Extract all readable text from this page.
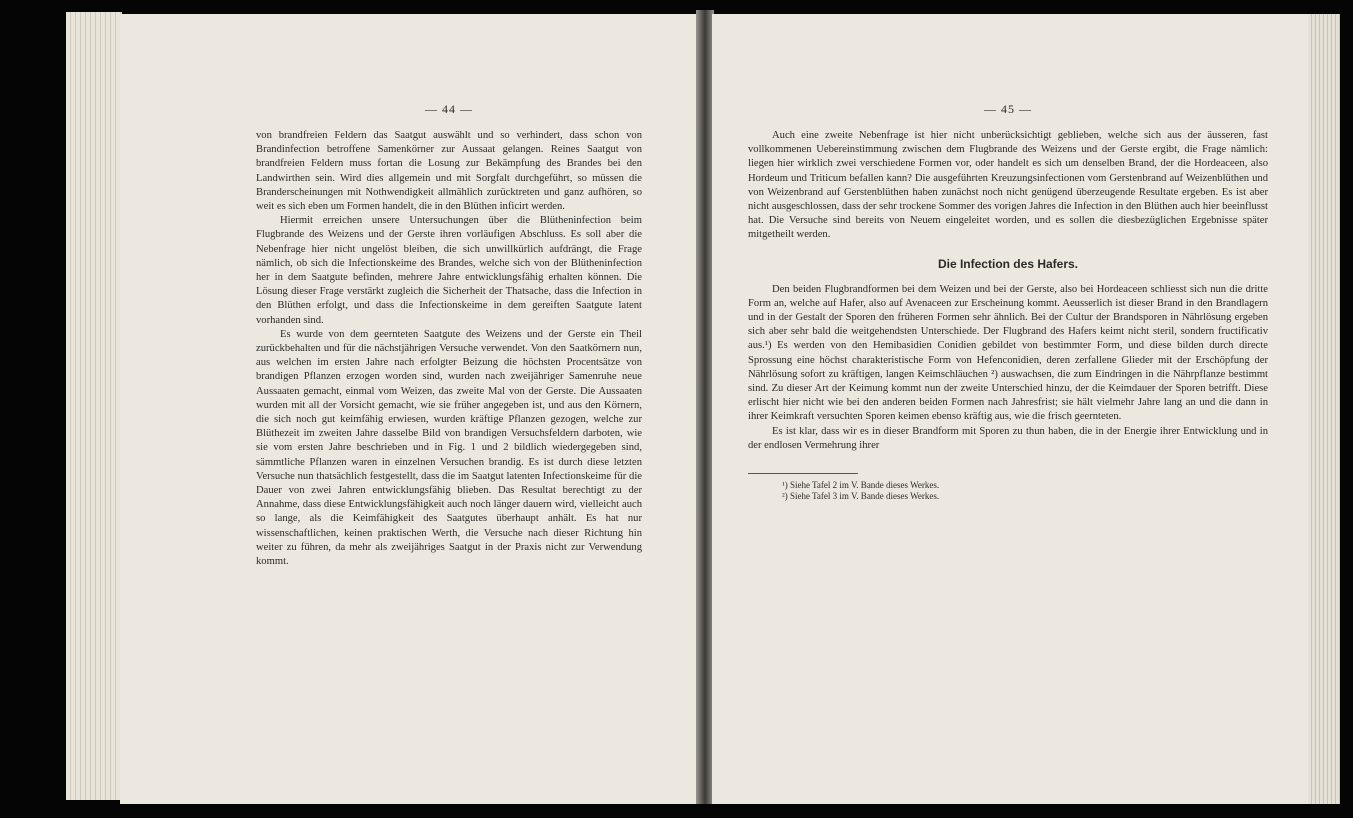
— 44 —

von brandfreien Feldern das Saatgut auswählt und so verhindert, dass schon von Brandinfection betroffene Samenkörner zur Aussaat gelangen. Reines Saatgut von brandfreien Feldern muss fortan die Losung zur Bekämpfung des Brandes bei den Landwirthen sein. Wird dies allgemein und mit Sorgfalt durchgeführt, so müssen die Branderscheinungen mit Nothwendigkeit allmählich zurücktreten und ganz aufhören, so weit es sich eben um Formen handelt, die in den Blüthen inficirt werden.

Hiermit erreichen unsere Untersuchungen über die Blütheninfection beim Flugbrande des Weizens und der Gerste ihren vorläufigen Abschluss. Es soll aber die Nebenfrage hier nicht ungelöst bleiben, die sich unwillkürlich aufdrängt, die Frage nämlich, ob sich die Infectionskeime des Brandes, welche sich von der Blütheninfection her in dem Saatgute befinden, mehrere Jahre entwicklungsfähig erhalten können. Die Lösung dieser Frage verstärkt zugleich die Sicherheit der Thatsache, dass die Infection in den Blüthen erfolgt, und dass die Infectionskeime in dem gereiften Saatgute latent vorhanden sind.

Es wurde von dem geernteten Saatgute des Weizens und der Gerste ein Theil zurückbehalten und für die nächstjährigen Versuche verwendet. Von den Saatkörnern nun, aus welchen im ersten Jahre nach erfolgter Beizung die höchsten Procentsätze von brandigen Pflanzen erzogen worden sind, wurden nach zweijähriger Samenruhe neue Aussaaten gemacht, einmal vom Weizen, das zweite Mal von der Gerste. Die Aussaaten wurden mit all der Vorsicht gemacht, wie sie früher angegeben ist, und aus den Körnern, die sich noch gut keimfähig erwiesen, wurden kräftige Pflanzen gezogen, welche zur Blüthezeit im zweiten Jahre dasselbe Bild von brandigen Versuchsfeldern darboten, wie sie vom ersten Jahre beschrieben und in Fig. 1 und 2 bildlich wiedergegeben sind, sämmtliche Pflanzen waren in einzelnen Versuchen brandig. Es ist durch diese letzten Versuche nun thatsächlich festgestellt, dass die im Saatgut latenten Infectionskeime für die Dauer von zwei Jahren entwicklungsfähig blieben. Das Resultat berechtigt zu der Annahme, dass diese Entwicklungsfähigkeit auch noch länger dauern wird, vielleicht auch so lange, als die Keimfähigkeit des Saatgutes überhaupt anhält. Es hat nur wissenschaftlichen, keinen praktischen Werth, die Versuche nach dieser Richtung hin weiter zu führen, da mehr als zweijähriges Saatgut in der Praxis nicht zur Verwendung kommt.

— 45 —

Auch eine zweite Nebenfrage ist hier nicht unberücksichtigt geblieben, welche sich aus der äusseren, fast vollkommenen Uebereinstimmung zwischen dem Flugbrande des Weizens und der Gerste ergibt, die Frage nämlich: liegen hier wirklich zwei verschiedene Formen vor, oder handelt es sich um denselben Brand, der die Hordeaceen, also Hordeum und Triticum befallen kann? Die ausgeführten Kreuzungsinfectionen vom Gerstenbrand auf Weizenblüthen und von Weizenbrand auf Gerstenblüthen haben zunächst noch nicht genügend überzeugende Resultate ergeben. Es ist aber nicht ausgeschlossen, dass der sehr trockene Sommer des vorigen Jahres die Infection in den Blüthen auch hier beeinflusst hat. Die Versuche sind bereits von Neuem eingeleitet worden, und es sollen die diesbezüglichen Ergebnisse später mitgetheilt werden.

Die Infection des Hafers.

Den beiden Flugbrandformen bei dem Weizen und bei der Gerste, also bei Hordeaceen schliesst sich nun die dritte Form an, welche auf Hafer, also auf Avenaceen zur Erscheinung kommt. Aeusserlich ist dieser Brand in den Brandlagern und in der Gestalt der Sporen den früheren Formen sehr ähnlich. Bei der Cultur der Brandsporen in Nährlösung ergeben sich aber sehr bald die weitgehendsten Unterschiede. Der Flugbrand des Hafers keimt nicht steril, sondern fructificativ aus.¹) Es werden von den Hemibasidien Conidien gebildet von bestimmter Form, und diese bilden durch directe Sprossung eine höchst charakteristische Form von Hefenconidien, deren zerfallene Glieder mit der Erschöpfung der Nährlösung sofort zu kräftigen, langen Keimschläuchen ²) auswachsen, die zum Eindringen in die Nährpflanze bestimmt sind. Zu dieser Art der Keimung kommt nun der zweite Unterschied hinzu, der die Keimdauer der Sporen betrifft. Diese erlischt hier nicht wie bei den anderen beiden Formen nach Jahresfrist; sie hält vielmehr Jahre lang an und die dann in ihrer Keimkraft versuchten Sporen keimen ebenso kräftig aus, wie die frisch geernteten.

Es ist klar, dass wir es in dieser Brandform mit Sporen zu thun haben, die in der Energie ihrer Entwicklung und in der endlosen Vermehrung ihrer

¹) Siehe Tafel 2 im V. Bande dieses Werkes.
²) Siehe Tafel 3 im V. Bande dieses Werkes.
